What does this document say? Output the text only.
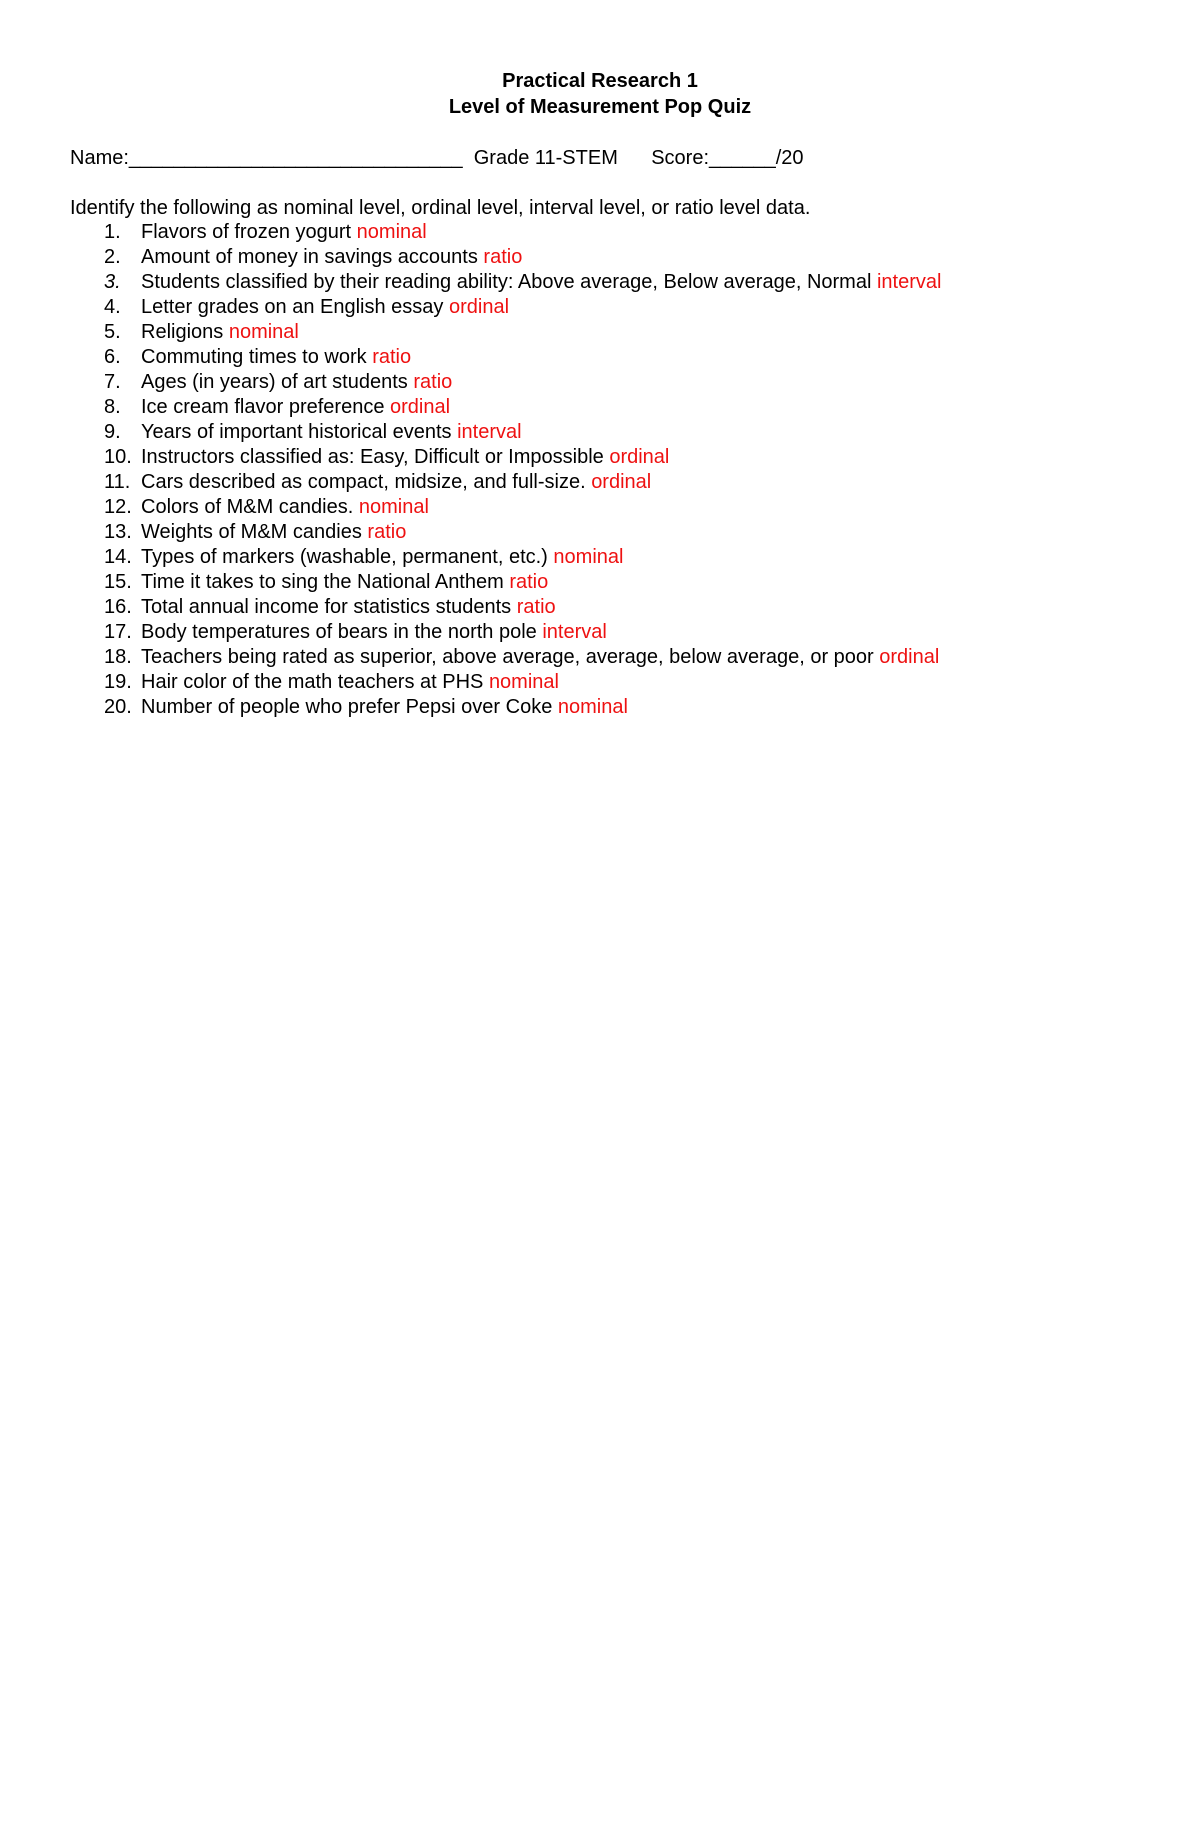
Practical Research 1
Level of Measurement Pop Quiz
Name:______________________________ Grade 11-STEM Score:______/20
Identify the following as nominal level, ordinal level, interval level, or ratio level data.
1.	Flavors of frozen yogurt nominal
2.	Amount of money in savings accounts ratio
3.	Students classified by their reading ability: Above average, Below average, Normal interval
4.	Letter grades on an English essay ordinal
5.	Religions nominal
6.	Commuting times to work ratio
7.	Ages (in years) of art students ratio
8.	Ice cream flavor preference ordinal
9.	Years of important historical events interval
10. Instructors classified as: Easy, Difficult or Impossible ordinal
11. Cars described as compact, midsize, and full-size. ordinal
12. Colors of M&M candies. nominal
13. Weights of M&M candies ratio
14. Types of markers (washable, permanent, etc.) nominal
15. Time it takes to sing the National Anthem ratio
16. Total annual income for statistics students ratio
17. Body temperatures of bears in the north pole interval
18. Teachers being rated as superior, above average, average, below average, or poor ordinal
19. Hair color of the math teachers at PHS nominal
20. Number of people who prefer Pepsi over Coke nominal
